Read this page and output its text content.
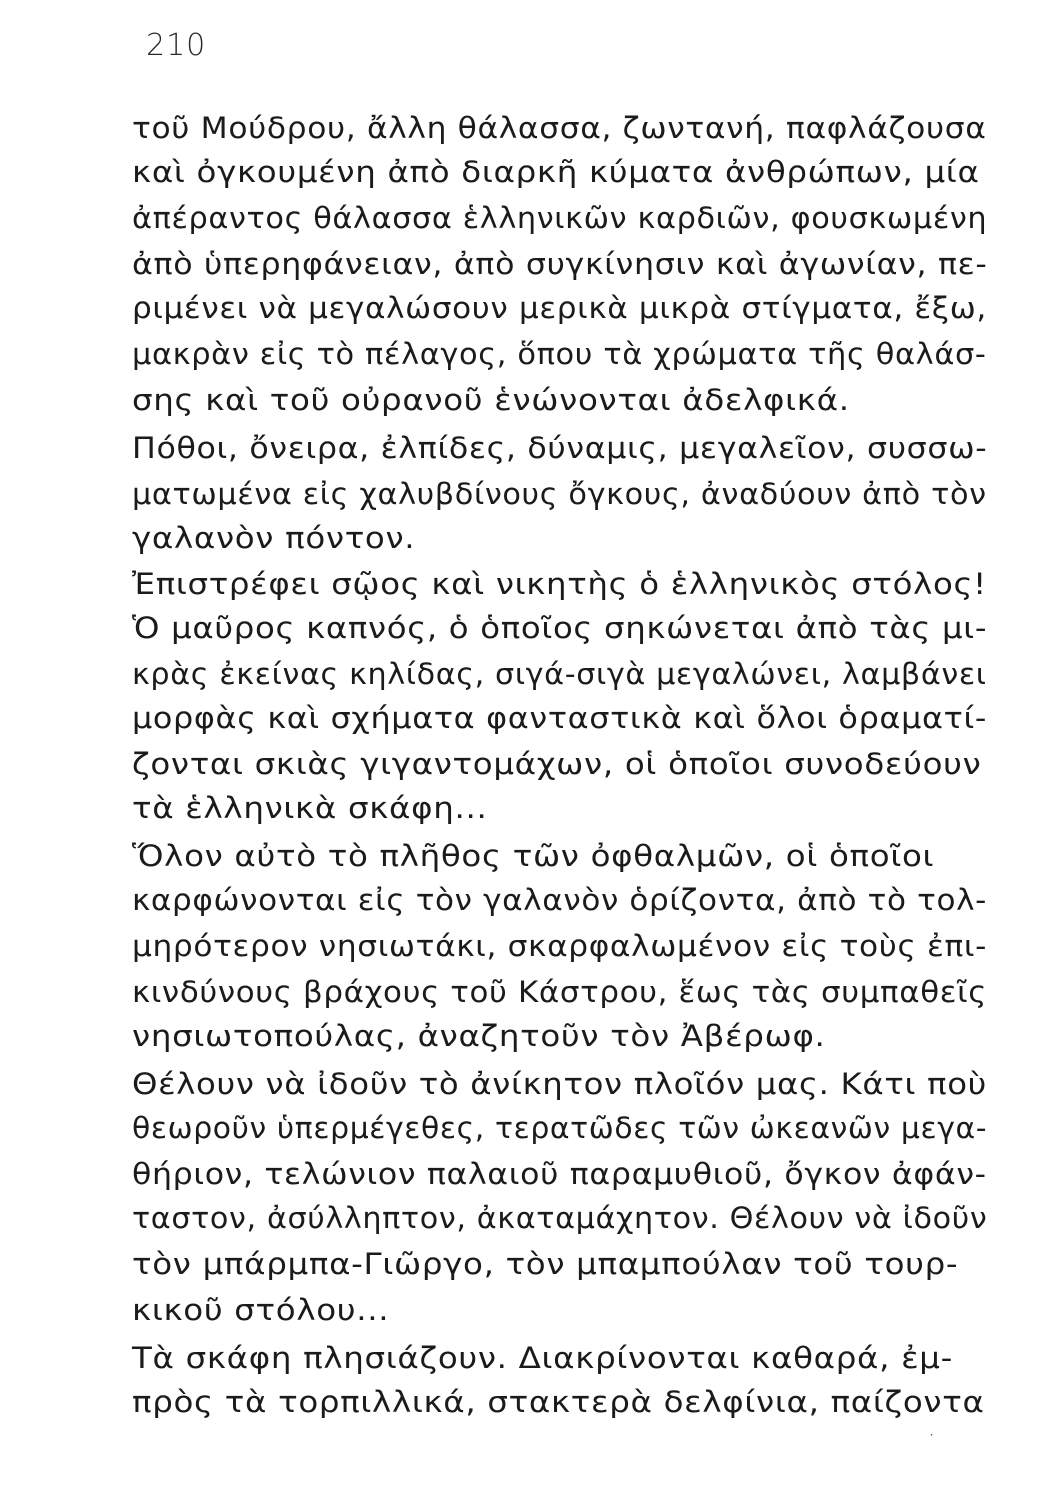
210
τοῦ Μούδρου, ἄλλη θάλασσα, ζωντανή, παφλάζουσα
καὶ ὀγκουμένη ἀπὸ διαρκῆ κύματα ἀνθρώπων, μία
ἀπέραντος θάλασσα ἑλληνικῶν καρδιῶν, φουσκωμένη
ἀπὸ ὑπερηφάνειαν, ἀπὸ συγκίνησιν καὶ ἀγωνίαν, πε-
ριμένει νὰ μεγαλώσουν μερικὰ μικρὰ στίγματα, ἔξω,
μακρὰν εἰς τὸ πέλαγος, ὅπου τὰ χρώματα τῆς θαλάσ-
σης καὶ τοῦ οὐρανοῦ ἑνώνονται ἀδελφικά.
Πόθοι, ὄνειρα, ἐλπίδες, δύναμις, μεγαλεῖον, συσσω-
ματωμένα εἰς χαλυβδίνους ὄγκους, ἀναδύουν ἀπὸ τὸν
γαλανὸν πόντον.
Ἐπιστρέφει σῷος καὶ νικητὴς ὁ ἑλληνικὸς στόλος!
Ὁ μαῦρος καπνός, ὁ ὁποῖος σηκώνεται ἀπὸ τὰς μι-
κρὰς ἐκείνας κηλίδας, σιγά-σιγὰ μεγαλώνει, λαμβάνει
μορφὰς καὶ σχήματα φανταστικὰ καὶ ὅλοι ὁραματί-
ζονται σκιὰς γιγαντομάχων, οἱ ὁποῖοι συνοδεύουν
τὰ ἑλληνικὰ σκάφη...
Ὅλον αὐτὸ τὸ πλῆθος τῶν ὀφθαλμῶν, οἱ ὁποῖοι
καρφώνονται εἰς τὸν γαλανὸν ὁρίζοντα, ἀπὸ τὸ τολ-
μηρότερον νησιωτάκι, σκαρφαλωμένον εἰς τοὺς ἐπι-
κινδύνους βράχους τοῦ Κάστρου, ἕως τὰς συμπαθεῖς
νησιωτοπούλας, ἀναζητοῦν τὸν Ἀβέρωφ.
Θέλουν νὰ ἰδοῦν τὸ ἀνίκητον πλοῖόν μας. Κάτι ποὺ
θεωροῦν ὑπερμέγεθες, τερατῶδες τῶν ὠκεανῶν μεγα-
θήριον, τελώνιον παλαιοῦ παραμυθιοῦ, ὄγκον ἀφάν-
ταστον, ἀσύλληπτον, ἀκαταμάχητον. Θέλουν νὰ ἰδοῦν
τὸν μπάρμπα-Γιῶργο, τὸν μπαμπούλαν τοῦ τουρ-
κικοῦ στόλου...
Τὰ σκάφη πλησιάζουν. Διακρίνονται καθαρά, ἐμ-
πρὸς τὰ τορπιλλικά, στακτερὰ δελφίνια, παίζοντα
˙
